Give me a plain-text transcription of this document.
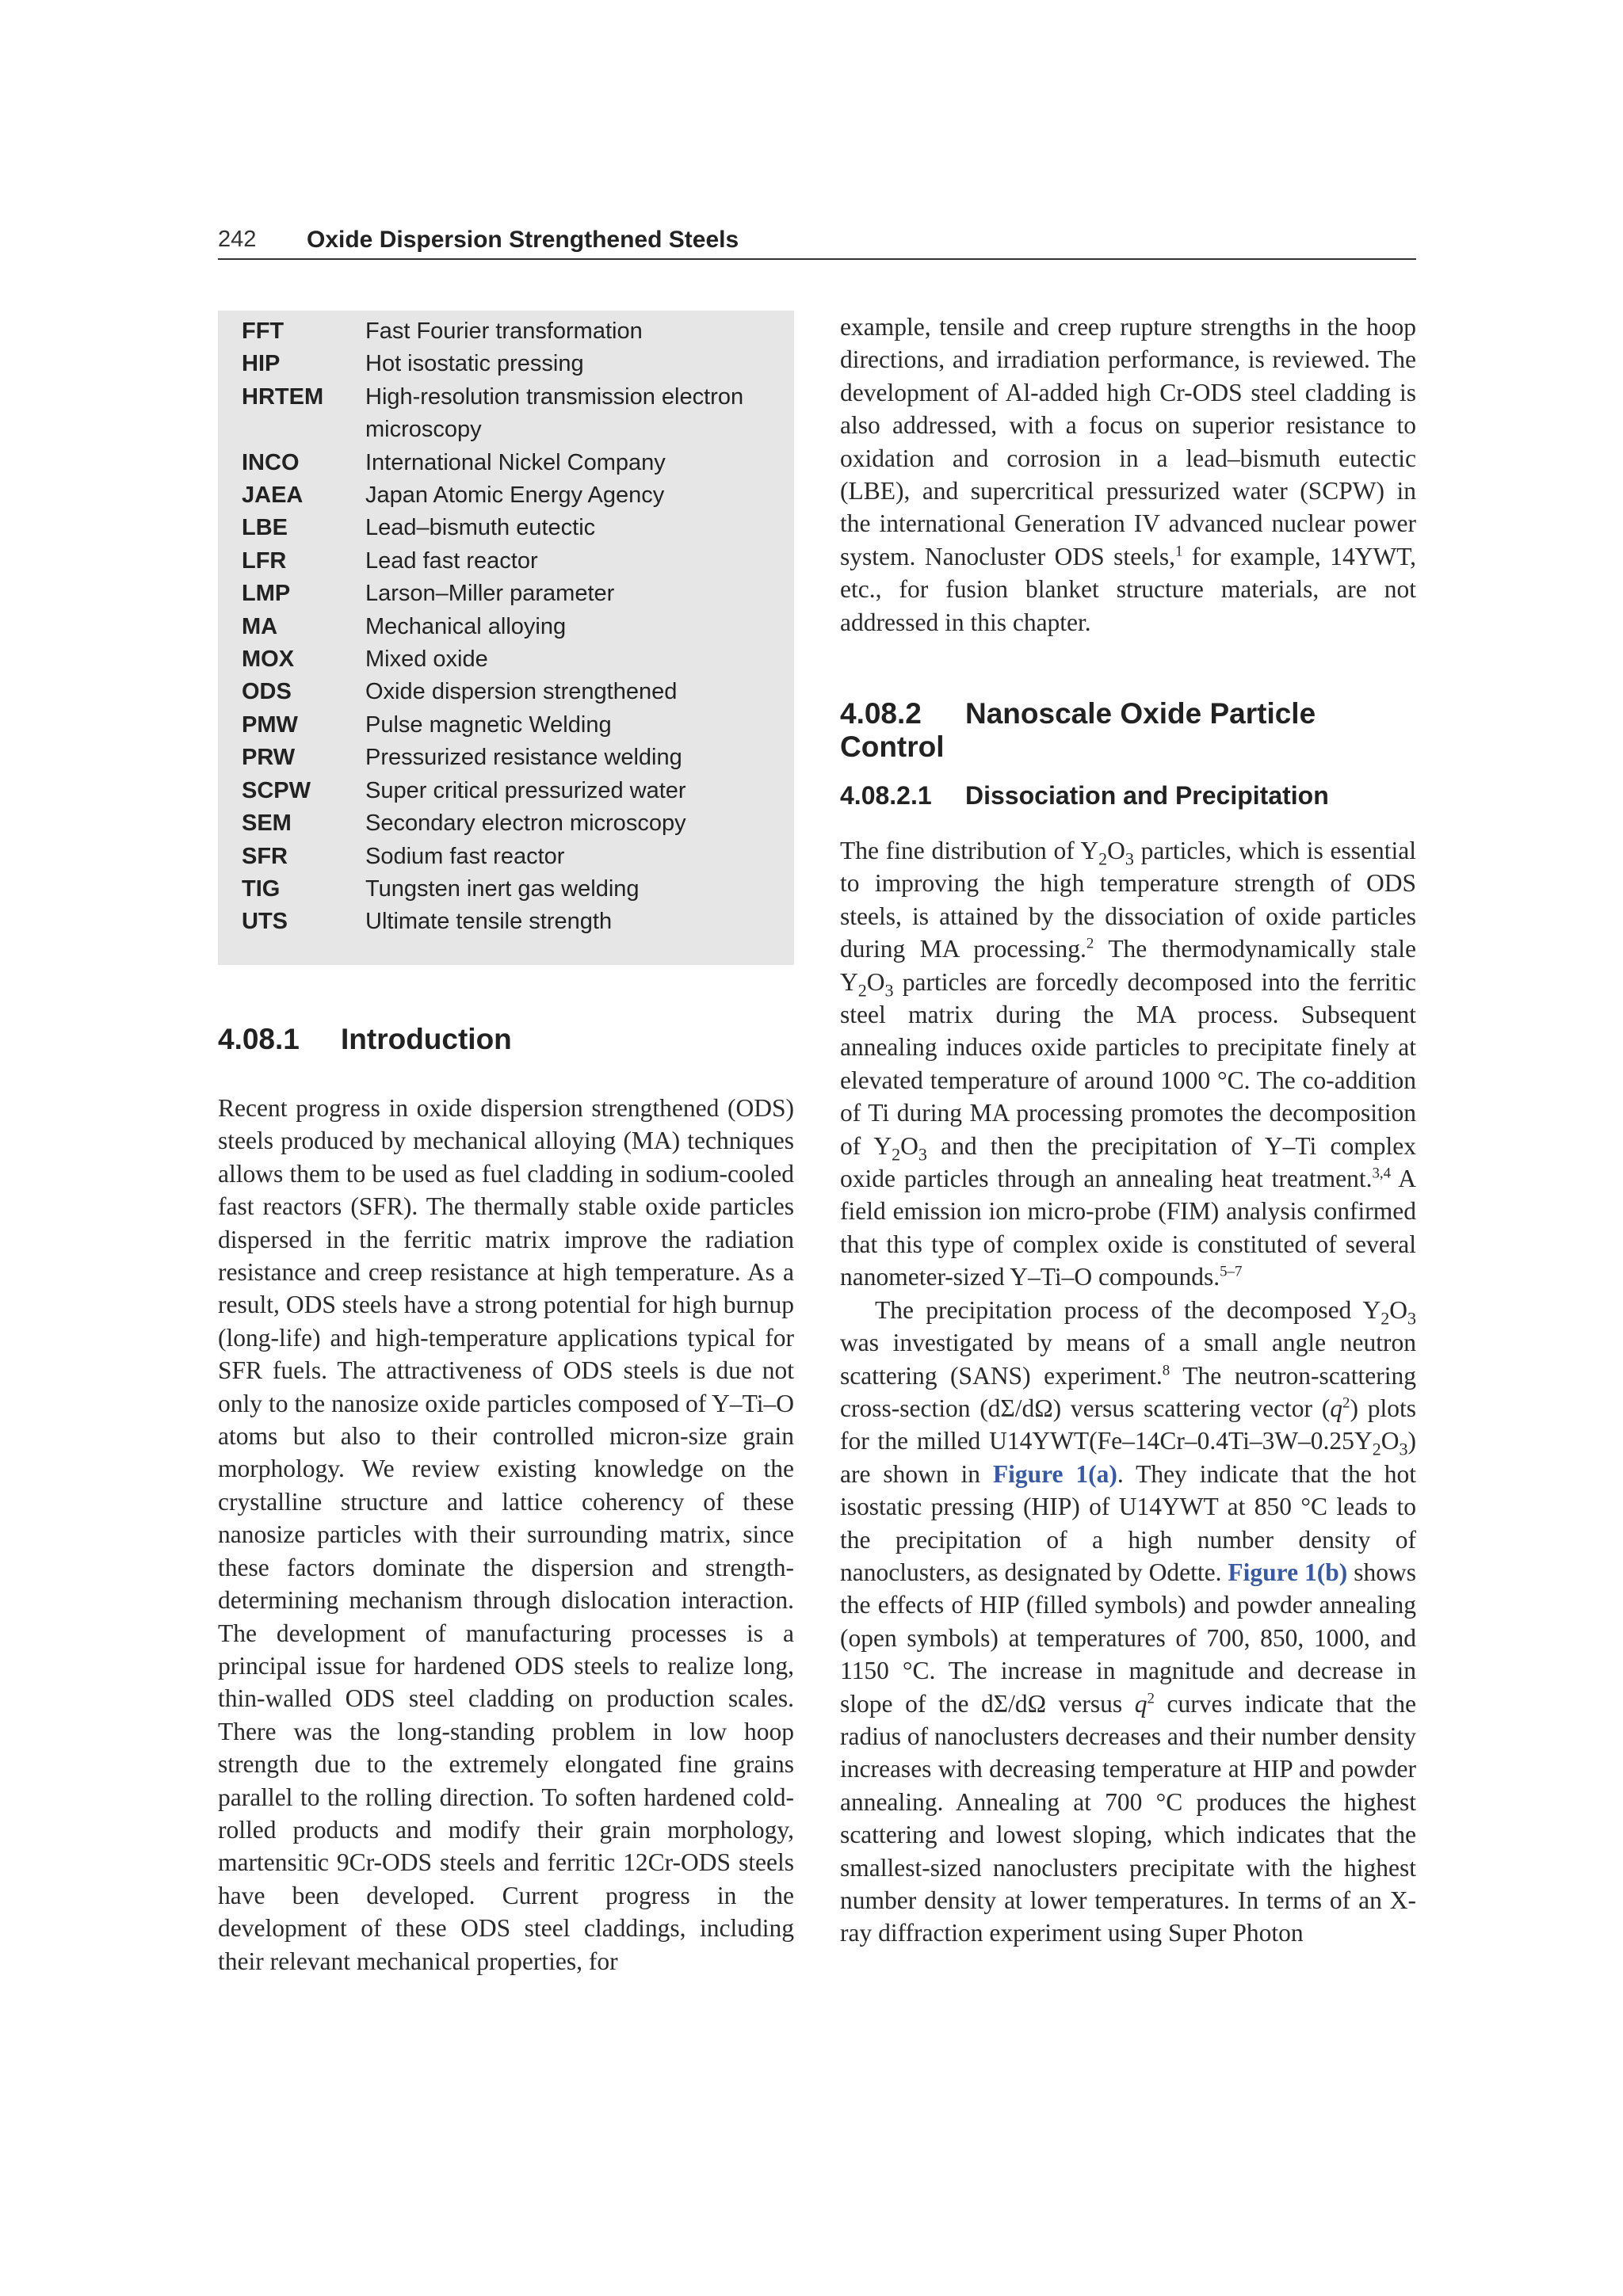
242 Oxide Dispersion Strengthened Steels
FFT	Fast Fourier transformation
HIP	Hot isostatic pressing
HRTEM	High-resolution transmission electron microscopy
INCO	International Nickel Company
JAEA	Japan Atomic Energy Agency
LBE	Lead–bismuth eutectic
LFR	Lead fast reactor
LMP	Larson–Miller parameter
MA	Mechanical alloying
MOX	Mixed oxide
ODS	Oxide dispersion strengthened
PMW	Pulse magnetic Welding
PRW	Pressurized resistance welding
SCPW	Super critical pressurized water
SEM	Secondary electron microscopy
SFR	Sodium fast reactor
TIG	Tungsten inert gas welding
UTS	Ultimate tensile strength
4.08.1 Introduction

Recent progress in oxide dispersion strengthened (ODS) steels produced by mechanical alloying (MA) techniques allows them to be used as fuel cladding in sodium-cooled fast reactors (SFR). The thermally stable oxide particles dispersed in the ferritic matrix improve the radiation resistance and creep resistance at high temperature. As a result, ODS steels have a strong potential for high burnup (long-life) and high-temperature applications typical for SFR fuels. The attractiveness of ODS steels is due not only to the nanosize oxide particles composed of Y–Ti–O atoms but also to their controlled micron-size grain morphology. We review existing knowledge on the crystalline structure and lattice coherency of these nanosize particles with their surrounding matrix, since these factors dominate the dispersion and strength-determining mechanism through dislocation interaction. The development of manufacturing processes is a principal issue for hardened ODS steels to realize long, thin-walled ODS steel cladding on production scales. There was the long-standing problem in low hoop strength due to the extremely elongated fine grains parallel to the rolling direction. To soften hardened cold-rolled products and modify their grain morphology, martensitic 9Cr-ODS steels and ferritic 12Cr-ODS steels have been developed. Current progress in the development of these ODS steel claddings, including their relevant mechanical properties, for

example, tensile and creep rupture strengths in the hoop directions, and irradiation performance, is reviewed. The development of Al-added high Cr-ODS steel cladding is also addressed, with a focus on superior resistance to oxidation and corrosion in a lead–bismuth eutectic (LBE), and supercritical pressurized water (SCPW) in the international Generation IV advanced nuclear power system. Nanocluster ODS steels,$^1$ for example, 14YWT, etc., for fusion blanket structure materials, are not addressed in this chapter.

4.08.2 Nanoscale Oxide Particle Control
4.08.2.1 Dissociation and Precipitation

The fine distribution of $Y_2O_3$ particles, which is essential to improving the high temperature strength of ODS steels, is attained by the dissociation of oxide particles during MA processing.$^2$ The thermodynamically stale $Y_2O_3$ particles are forcedly decomposed into the ferritic steel matrix during the MA process. Subsequent annealing induces oxide particles to precipitate finely at elevated temperature of around 1000 °C. The co-addition of Ti during MA processing promotes the decomposition of $Y_2O_3$ and then the precipitation of Y–Ti complex oxide particles through an annealing heat treatment.$^{3,4}$ A field emission ion micro-probe (FIM) analysis confirmed that this type of complex oxide is constituted of several nanometer-sized Y–Ti–O compounds.$^{5-7}$

The precipitation process of the decomposed $Y_2O_3$ was investigated by means of a small angle neutron scattering (SANS) experiment.$^8$ The neutron-scattering cross-section (dΣ/dΩ) versus scattering vector $(q^2)$ plots for the milled $U14YWT(Fe-14Cr-0.4Ti-3W-0.25Y_2O_3)$ are shown in Figure 1(a). They indicate that the hot isostatic pressing (HIP) of U14YWT at 850 °C leads to the precipitation of a high number density of nanoclusters, as designated by Odette. Figure 1(b) shows the effects of HIP (filled symbols) and powder annealing (open symbols) at temperatures of 700, 850, 1000, and 1150 °C. The increase in magnitude and decrease in slope of the dΣ/dΩ versus $q^2$ curves indicate that the radius of nanoclusters decreases and their number density increases with decreasing temperature at HIP and powder annealing. Annealing at 700 °C produces the highest scattering and lowest sloping, which indicates that the smallest-sized nanoclusters precipitate with the highest number density at lower temperatures. In terms of an X-ray diffraction experiment using Super Photon
